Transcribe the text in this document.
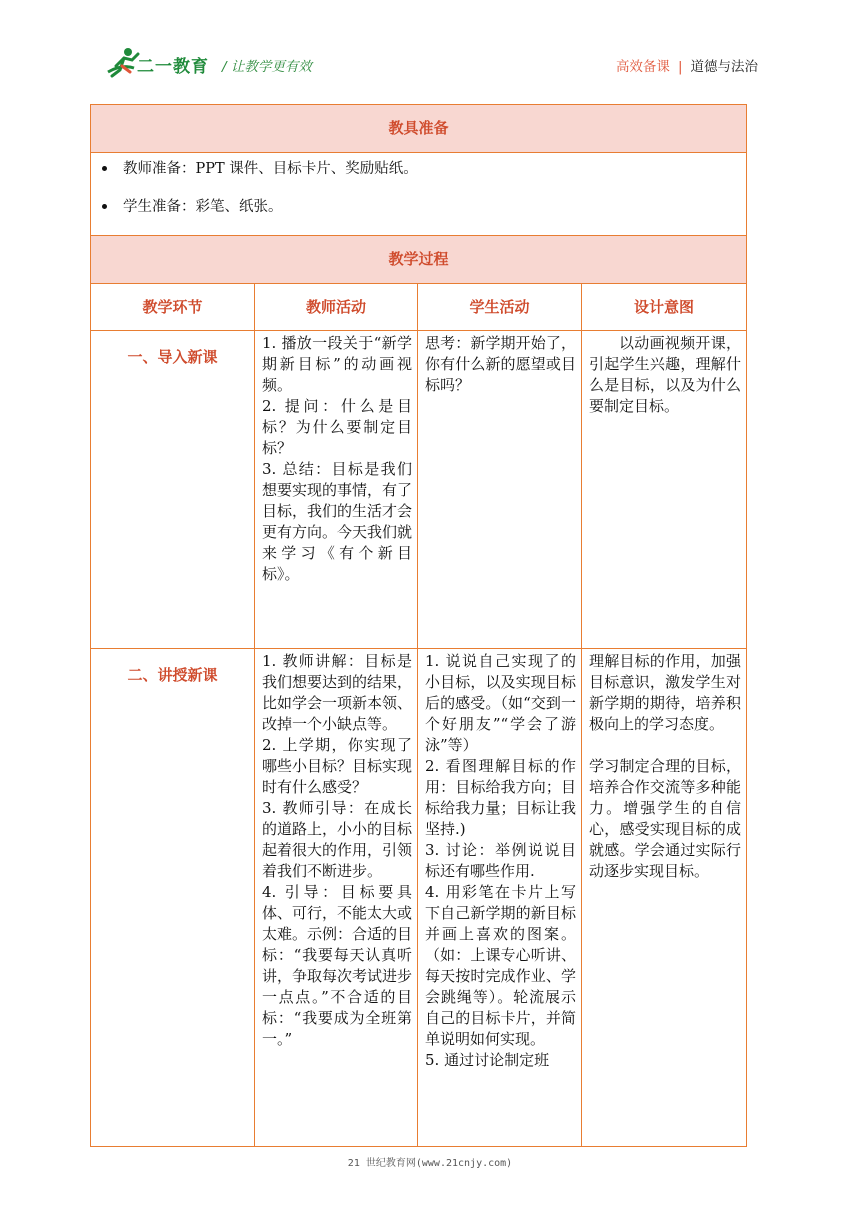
二一教育 / 让教学更有效	高效备课 | 道德与法治
教具准备			

教师准备：PPT 课件、目标卡片、奖励贴纸。
学生准备：彩笔、纸张。			

教学过程			
教学环节	教师活动	学生活动	设计意图
一、导入新课	1. 播放一段关于“新学期新目标”的动画视频。
2. 提问：什么是目标？为什么要制定目标？
3. 总结：目标是我们想要实现的事情，有了目标，我们的生活才会更有方向。今天我们就来学习《有个新目标》。	思考：新学期开始了，你有什么新的愿望或目标吗？	以动画视频开课，引起学生兴趣，理解什么是目标，以及为什么要制定目标。

二、讲授新课	1. 教师讲解：目标是我们想要达到的结果，比如学会一项新本领、改掉一个小缺点等。
2. 上学期，你实现了哪些小目标？目标实现时有什么感受？
3. 教师引导：在成长的道路上，小小的目标起着很大的作用，引领着我们不断进步。
4. 引导：目标要具体、可行，不能太大或太难。示例：合适的目标：“我要每天认真听讲，争取每次考试进步一点点。”不合适的目标：“我要成为全班第一。”	1. 说说自己实现了的小目标，以及实现目标后的感受。（如“交到一个好朋友”“学会了游泳”等）
2. 看图理解目标的作用：目标给我方向；目标给我力量；目标让我坚持.)
3. 讨论：举例说说目标还有哪些作用.
4. 用彩笔在卡片上写下自己新学期的新目标并画上喜欢的图案。（如：上课专心听讲、每天按时完成作业、学会跳绳等）。轮流展示自己的目标卡片，并简单说明如何实现。
5. 通过讨论制定班	理解目标的作用，加强目标意识，激发学生对新学期的期待，培养积极向上的学习态度。
学习制定合理的目标，培养合作交流等多种能力。增强学生的自信心，感受实现目标的成就感。学会通过实际行动逐步实现目标。
21 世纪教育网(www.21cnjy.com)
